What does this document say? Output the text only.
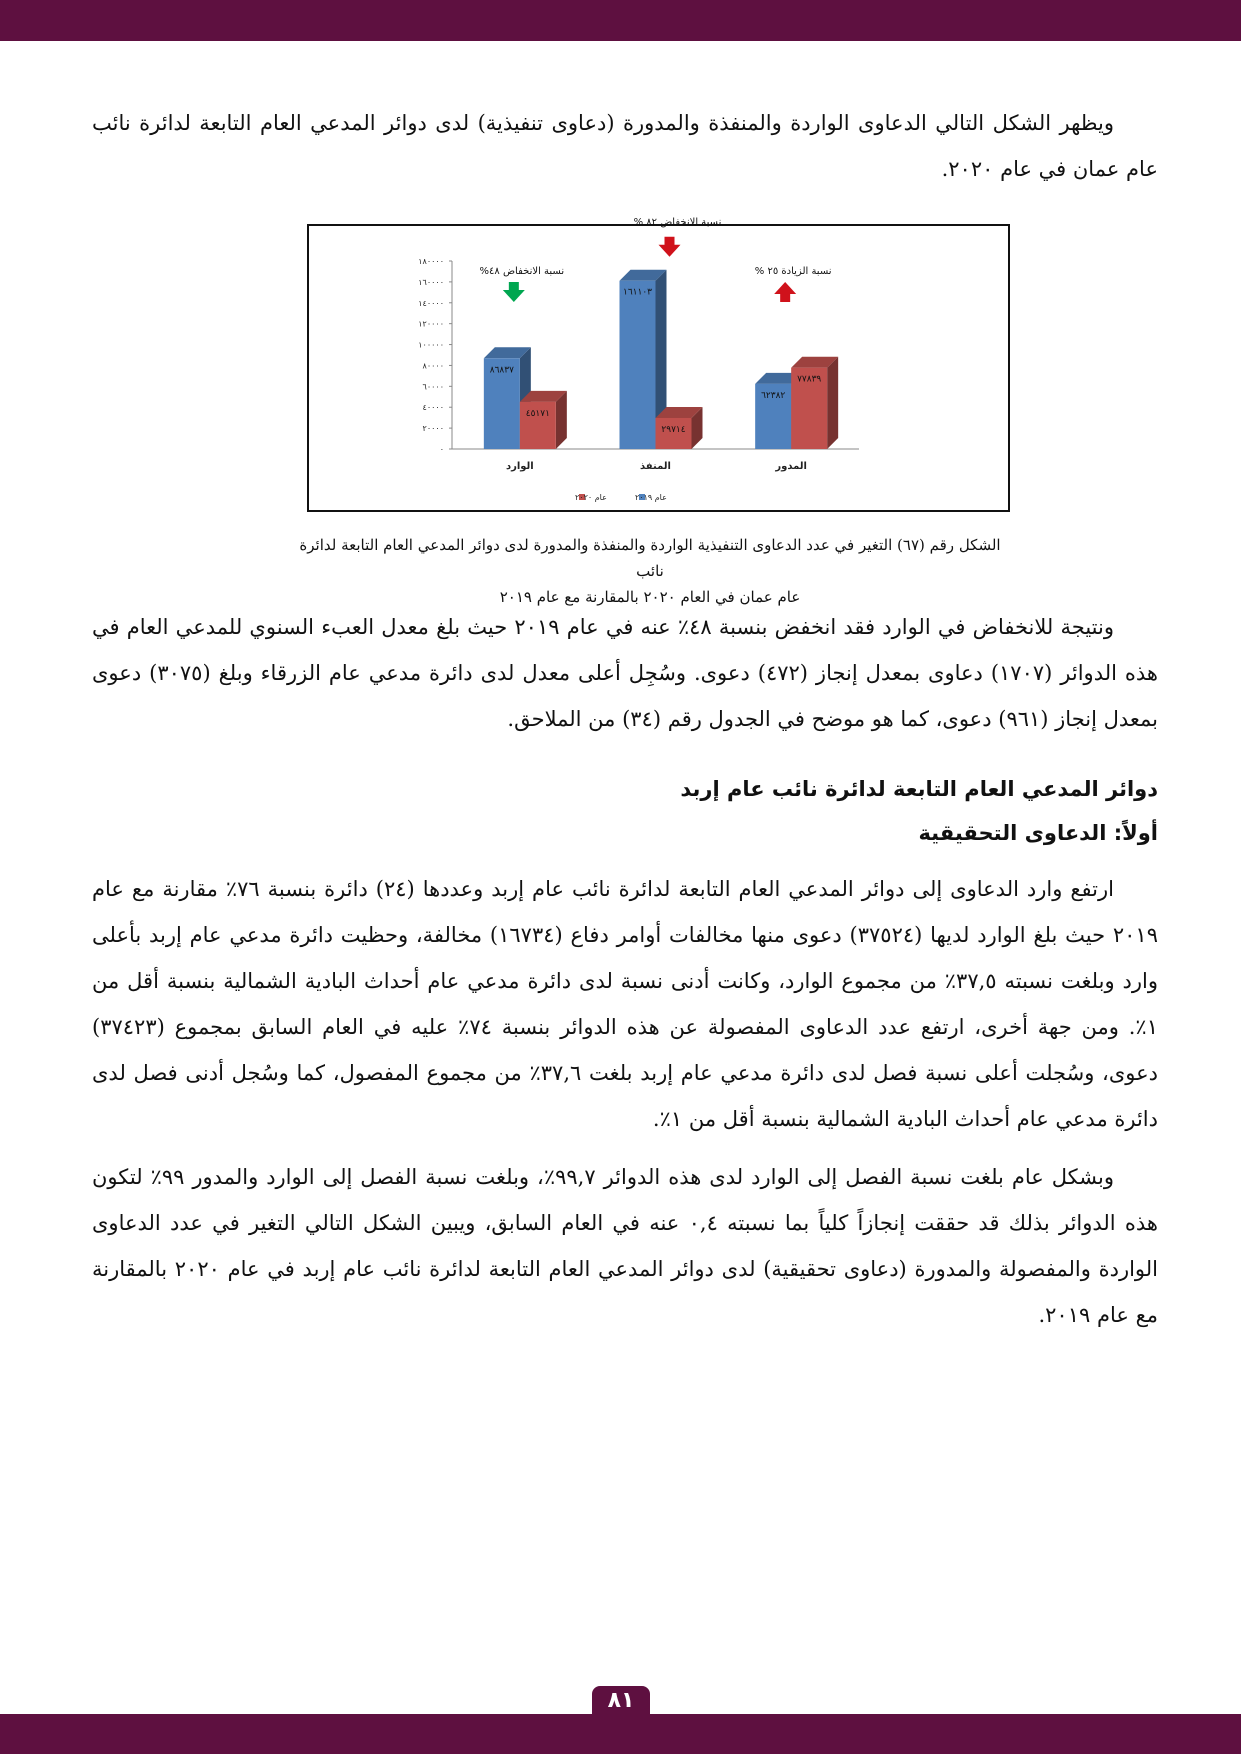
ويظهر الشكل التالي الدعاوى الواردة والمنفذة والمدورة (دعاوى تنفيذية) لدى دوائر المدعي العام التابعة لدائرة نائب عام عمان في عام ٢٠٢٠.

٠
٢٠٠٠٠
٤٠٠٠٠
٦٠٠٠٠
٨٠٠٠٠
١٠٠٠٠٠
١٢٠٠٠٠
١٤٠٠٠٠
١٦٠٠٠٠
١٨٠٠٠٠
٨٦٨٣٧
٤٥١٧١
الوارد
نسبة الانخفاض ٤٨%
١٦١١٠٣
٢٩٧١٤
المنفذ
نسبة الانخفاض ٨٢ %
٦٢٣٨٢
٧٧٨٣٩
المدور
نسبة الزيادة ٢٥ %
عام ٢٠٢٠	عام ٢٠١٩
الشكل رقم (٦٧) التغير في عدد الدعاوى التنفيذية الواردة والمنفذة والمدورة لدى دوائر المدعي العام التابعة لدائرة نائب
عام عمان في العام ٢٠٢٠ بالمقارنة مع عام ٢٠١٩

ونتيجة للانخفاض في الوارد فقد انخفض بنسبة ٤٨٪ عنه في عام ٢٠١٩ حيث بلغ معدل العبء السنوي للمدعي العام في هذه الدوائر (١٧٠٧) دعاوى بمعدل إنجاز (٤٧٢) دعوى. وسُجِل أعلى معدل لدى دائرة مدعي عام الزرقاء وبلغ (٣٠٧٥) دعوى بمعدل إنجاز (٩٦١) دعوى، كما هو موضح في الجدول رقم (٣٤) من الملاحق.

دوائر المدعي العام التابعة لدائرة نائب عام إربد
أولاً: الدعاوى التحقيقية

ارتفع وارد الدعاوى إلى دوائر المدعي العام التابعة لدائرة نائب عام إربد وعددها (٢٤) دائرة بنسبة ٧٦٪ مقارنة مع عام ٢٠١٩ حيث بلغ الوارد لديها (٣٧٥٢٤) دعوى منها مخالفات أوامر دفاع (١٦٧٣٤) مخالفة، وحظيت دائرة مدعي عام إربد بأعلى وارد وبلغت نسبته ٣٧,٥٪ من مجموع الوارد، وكانت أدنى نسبة لدى دائرة مدعي عام أحداث البادية الشمالية بنسبة أقل من ١٪. ومن جهة أخرى، ارتفع عدد الدعاوى المفصولة عن هذه الدوائر بنسبة ٧٤٪ عليه في العام السابق بمجموع (٣٧٤٢٣) دعوى، وسُجلت أعلى نسبة فصل لدى دائرة مدعي عام إربد بلغت ٣٧,٦٪ من مجموع المفصول، كما وسُجل أدنى فصل لدى دائرة مدعي عام أحداث البادية الشمالية بنسبة أقل من ١٪.

وبشكل عام بلغت نسبة الفصل إلى الوارد لدى هذه الدوائر ٩٩,٧٪، وبلغت نسبة الفصل إلى الوارد والمدور ٩٩٪ لتكون هذه الدوائر بذلك قد حققت إنجازاً كلياً بما نسبته ٠,٤ عنه في العام السابق، ويبين الشكل التالي التغير في عدد الدعاوى الواردة والمفصولة والمدورة (دعاوى تحقيقية) لدى دوائر المدعي العام التابعة لدائرة نائب عام إربد في عام ٢٠٢٠ بالمقارنة مع عام ٢٠١٩.

٨١
